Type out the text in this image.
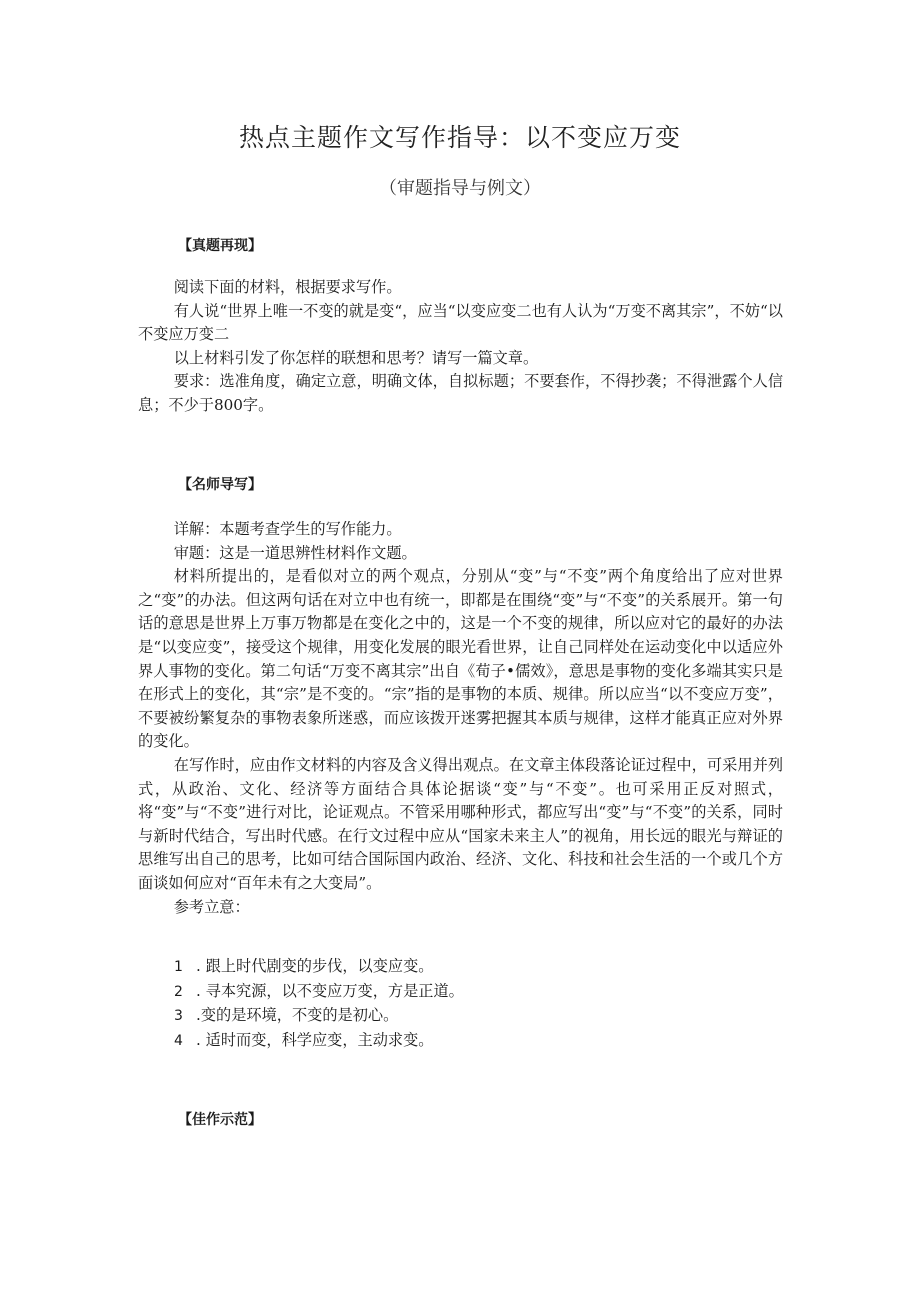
热点主题作文写作指导：以不变应万变
（审题指导与例文）
【真题再现】

阅读下面的材料，根据要求写作。

有人说“世界上唯一不变的就是变“，应当“以变应变二也有人认为“万变不离其宗”，不妨“以不变应万变二

以上材料引发了你怎样的联想和思考？请写一篇文章。

要求：选准角度，确定立意，明确文体，自拟标题；不要套作，不得抄袭；不得泄露个人信息；不少于800字。

【名师导写】

详解：本题考查学生的写作能力。

审题：这是一道思辨性材料作文题。

材料所提出的，是看似对立的两个观点，分别从“变”与“不变”两个角度给出了应对世界之“变”的办法。但这两句话在对立中也有统一，即都是在围绕“变”与“不变”的关系展开。第一句话的意思是世界上万事万物都是在变化之中的，这是一个不变的规律，所以应对它的最好的办法是“以变应变”，接受这个规律，用变化发展的眼光看世界，让自己同样处在运动变化中以适应外界人事物的变化。第二句话“万变不离其宗”出自《荀子•儒效》，意思是事物的变化多端其实只是在形式上的变化，其“宗”是不变的。“宗”指的是事物的本质、规律。所以应当“以不变应万变”，不要被纷繁复杂的事物表象所迷惑，而应该拨开迷雾把握其本质与规律，这样才能真正应对外界的变化。

在写作时，应由作文材料的内容及含义得出观点。在文章主体段落论证过程中，可采用并列式，从政治、文化、经济等方面结合具体论据谈“变”与“不变”。也可采用正反对照式，将“变”与“不变”进行对比，论证观点。不管采用哪种形式，都应写出“变”与“不变”的关系，同时与新时代结合，写出时代感。在行文过程中应从“国家未来主人”的视角，用长远的眼光与辩证的思维写出自己的思考，比如可结合国际国内政治、经济、文化、科技和社会生活的一个或几个方面谈如何应对“百年未有之大变局”。

参考立意：

1 . 跟上时代剧变的步伐，以变应变。
2 . 寻本究源，以不变应万变，方是正道。
3 .变的是环境，不变的是初心。
4 . 适时而变，科学应变，主动求变。
【佳作示范】
